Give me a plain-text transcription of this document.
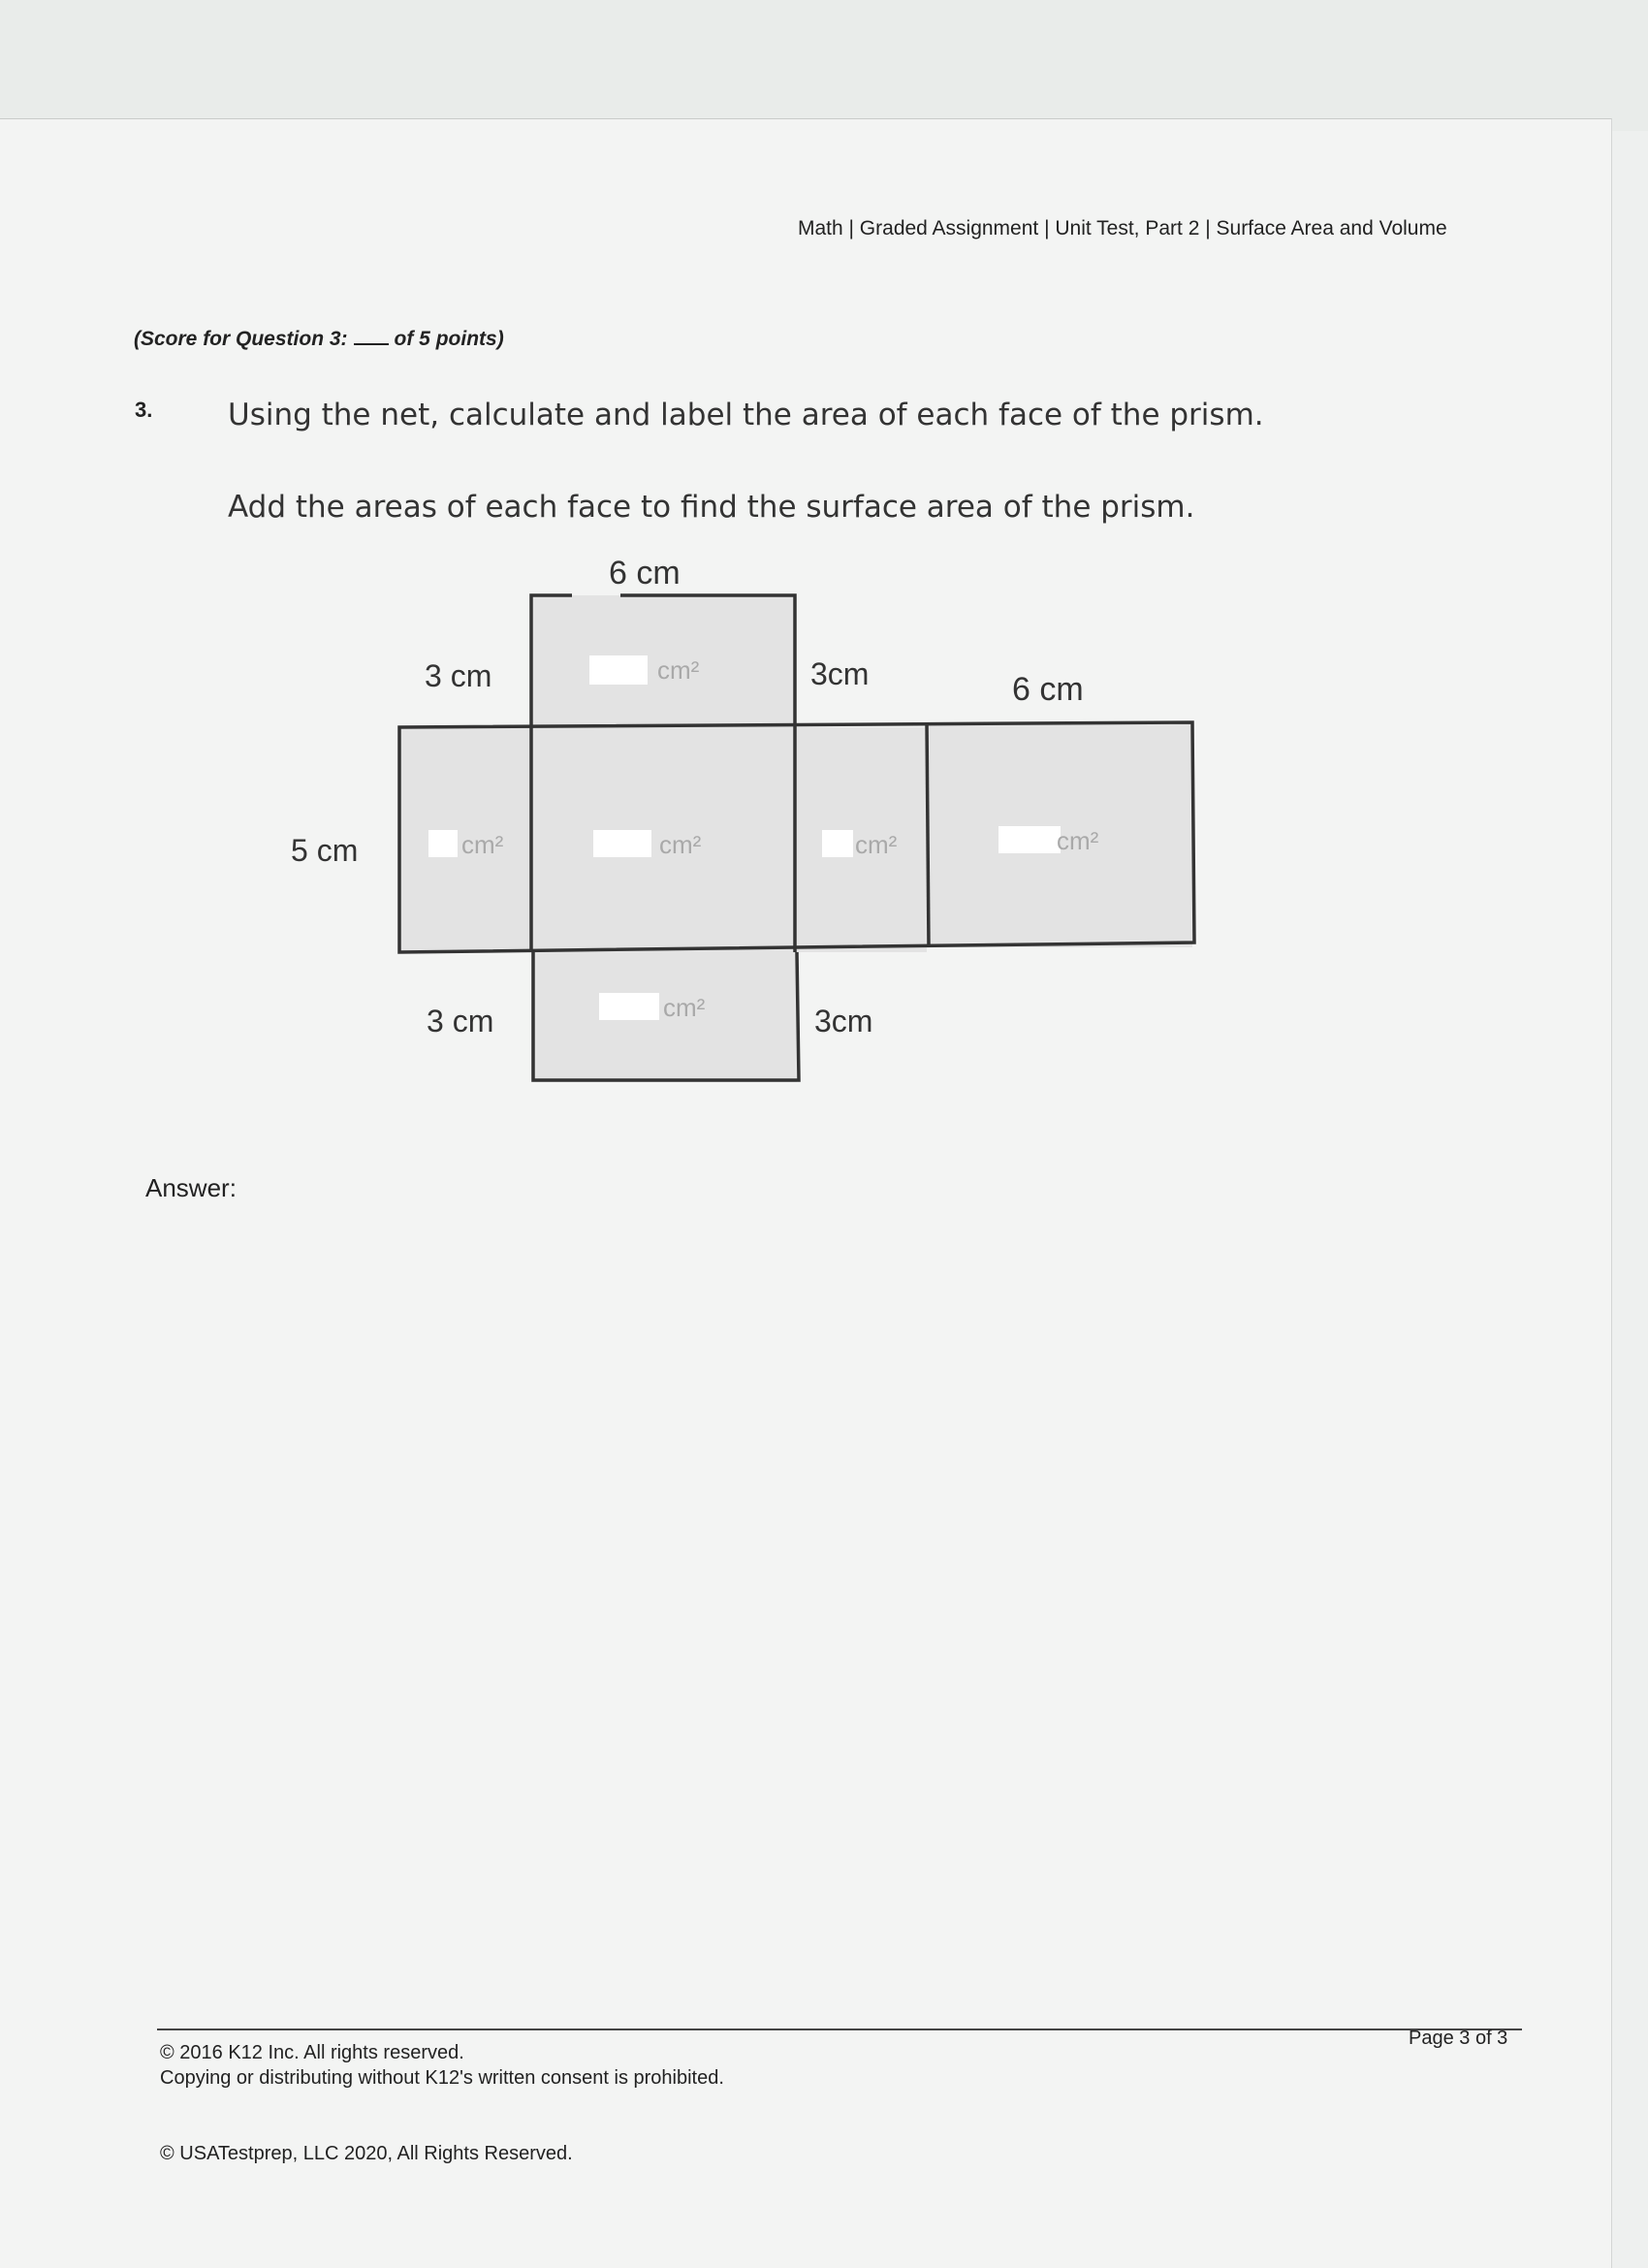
Math | Graded Assignment | Unit Test, Part 2 | Surface Area and Volume
(Score for Question 3: of 5 points)
3.	Using the net, calculate and label the area of each face of the prism.
Add the areas of each face to find the surface area of the prism.
6 cm
3 cm	3cm	6 cm
5 cm
3 cm	3cm
cm²
cm²	cm²	cm²	cm²
cm²
Answer:
© 2016 K12 Inc. All rights reserved.
Copying or distributing without K12's written consent is prohibited.
Page 3 of 3
© USATestprep, LLC 2020, All Rights Reserved.
